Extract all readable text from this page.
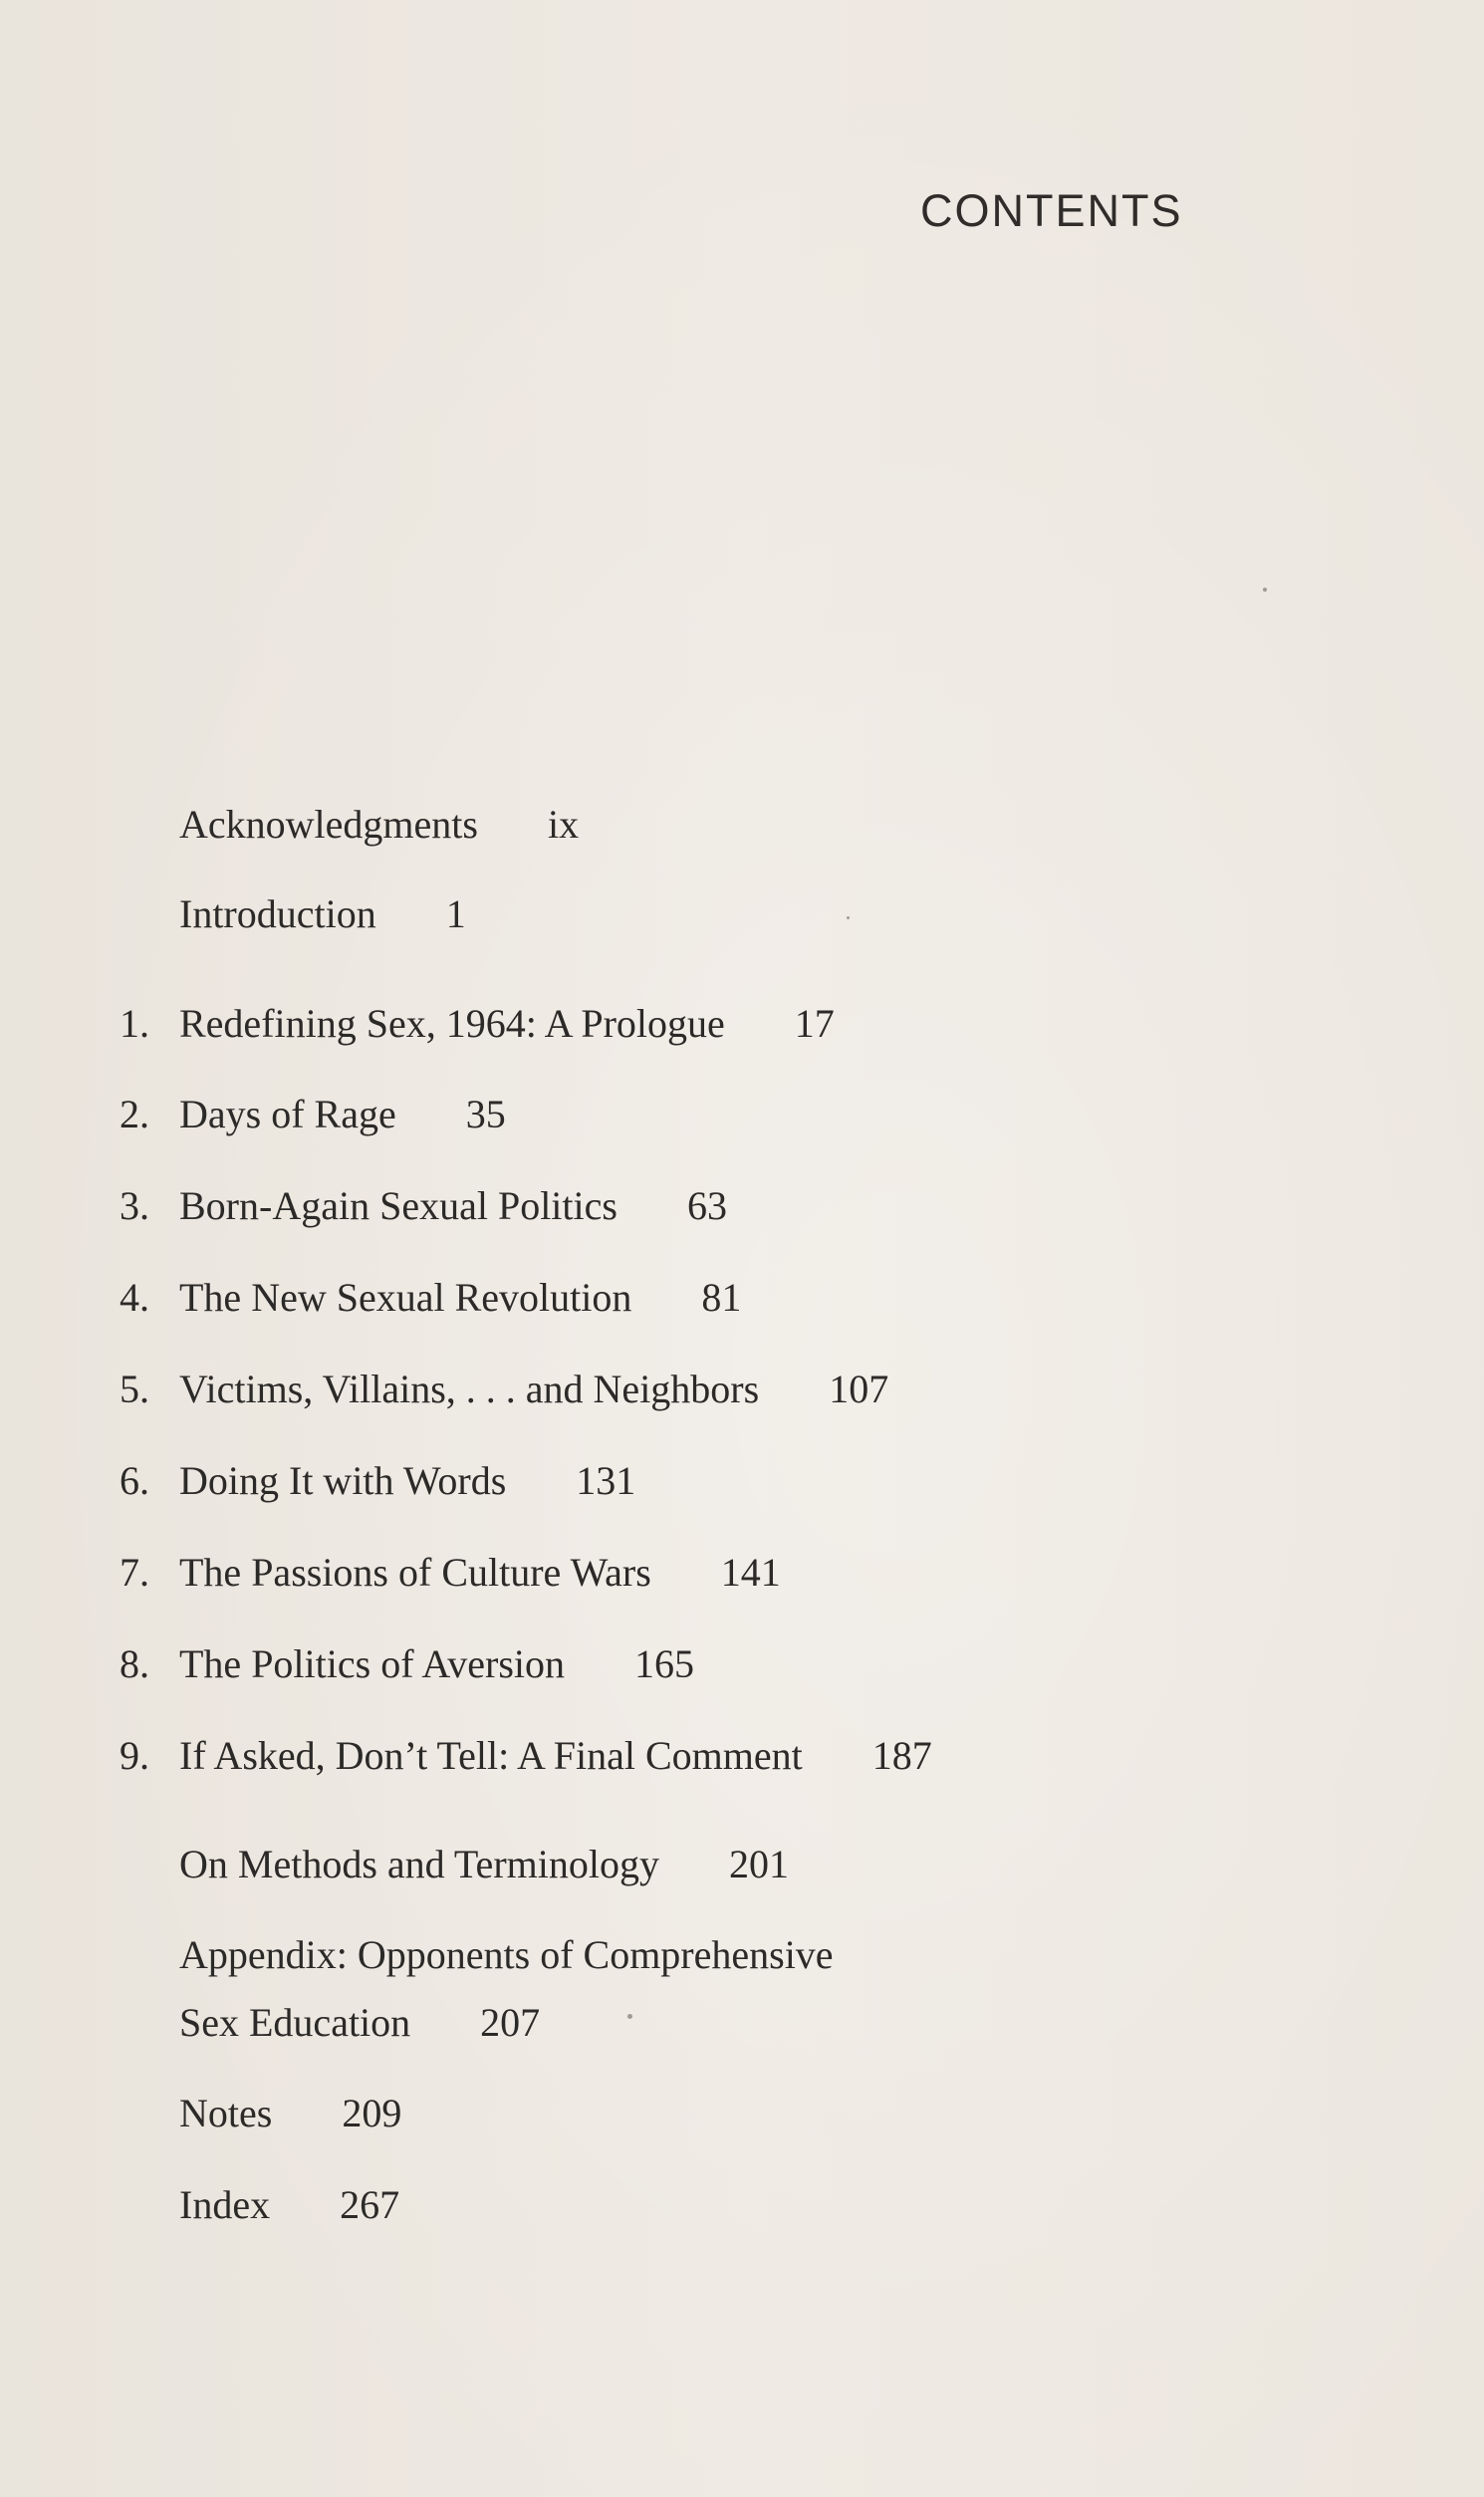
CONTENTS
Acknowledgments ix
Introduction 1
1. Redefining Sex, 1964: A Prologue 17
2. Days of Rage 35
3. Born-Again Sexual Politics 63
4. The New Sexual Revolution 81
5. Victims, Villains, . . . and Neighbors 107
6. Doing It with Words 131
7. The Passions of Culture Wars 141
8. The Politics of Aversion 165
9. If Asked, Don’t Tell: A Final Comment 187
On Methods and Terminology 201
Appendix: Opponents of Comprehensive
Sex Education 207
Notes 209
Index 267
